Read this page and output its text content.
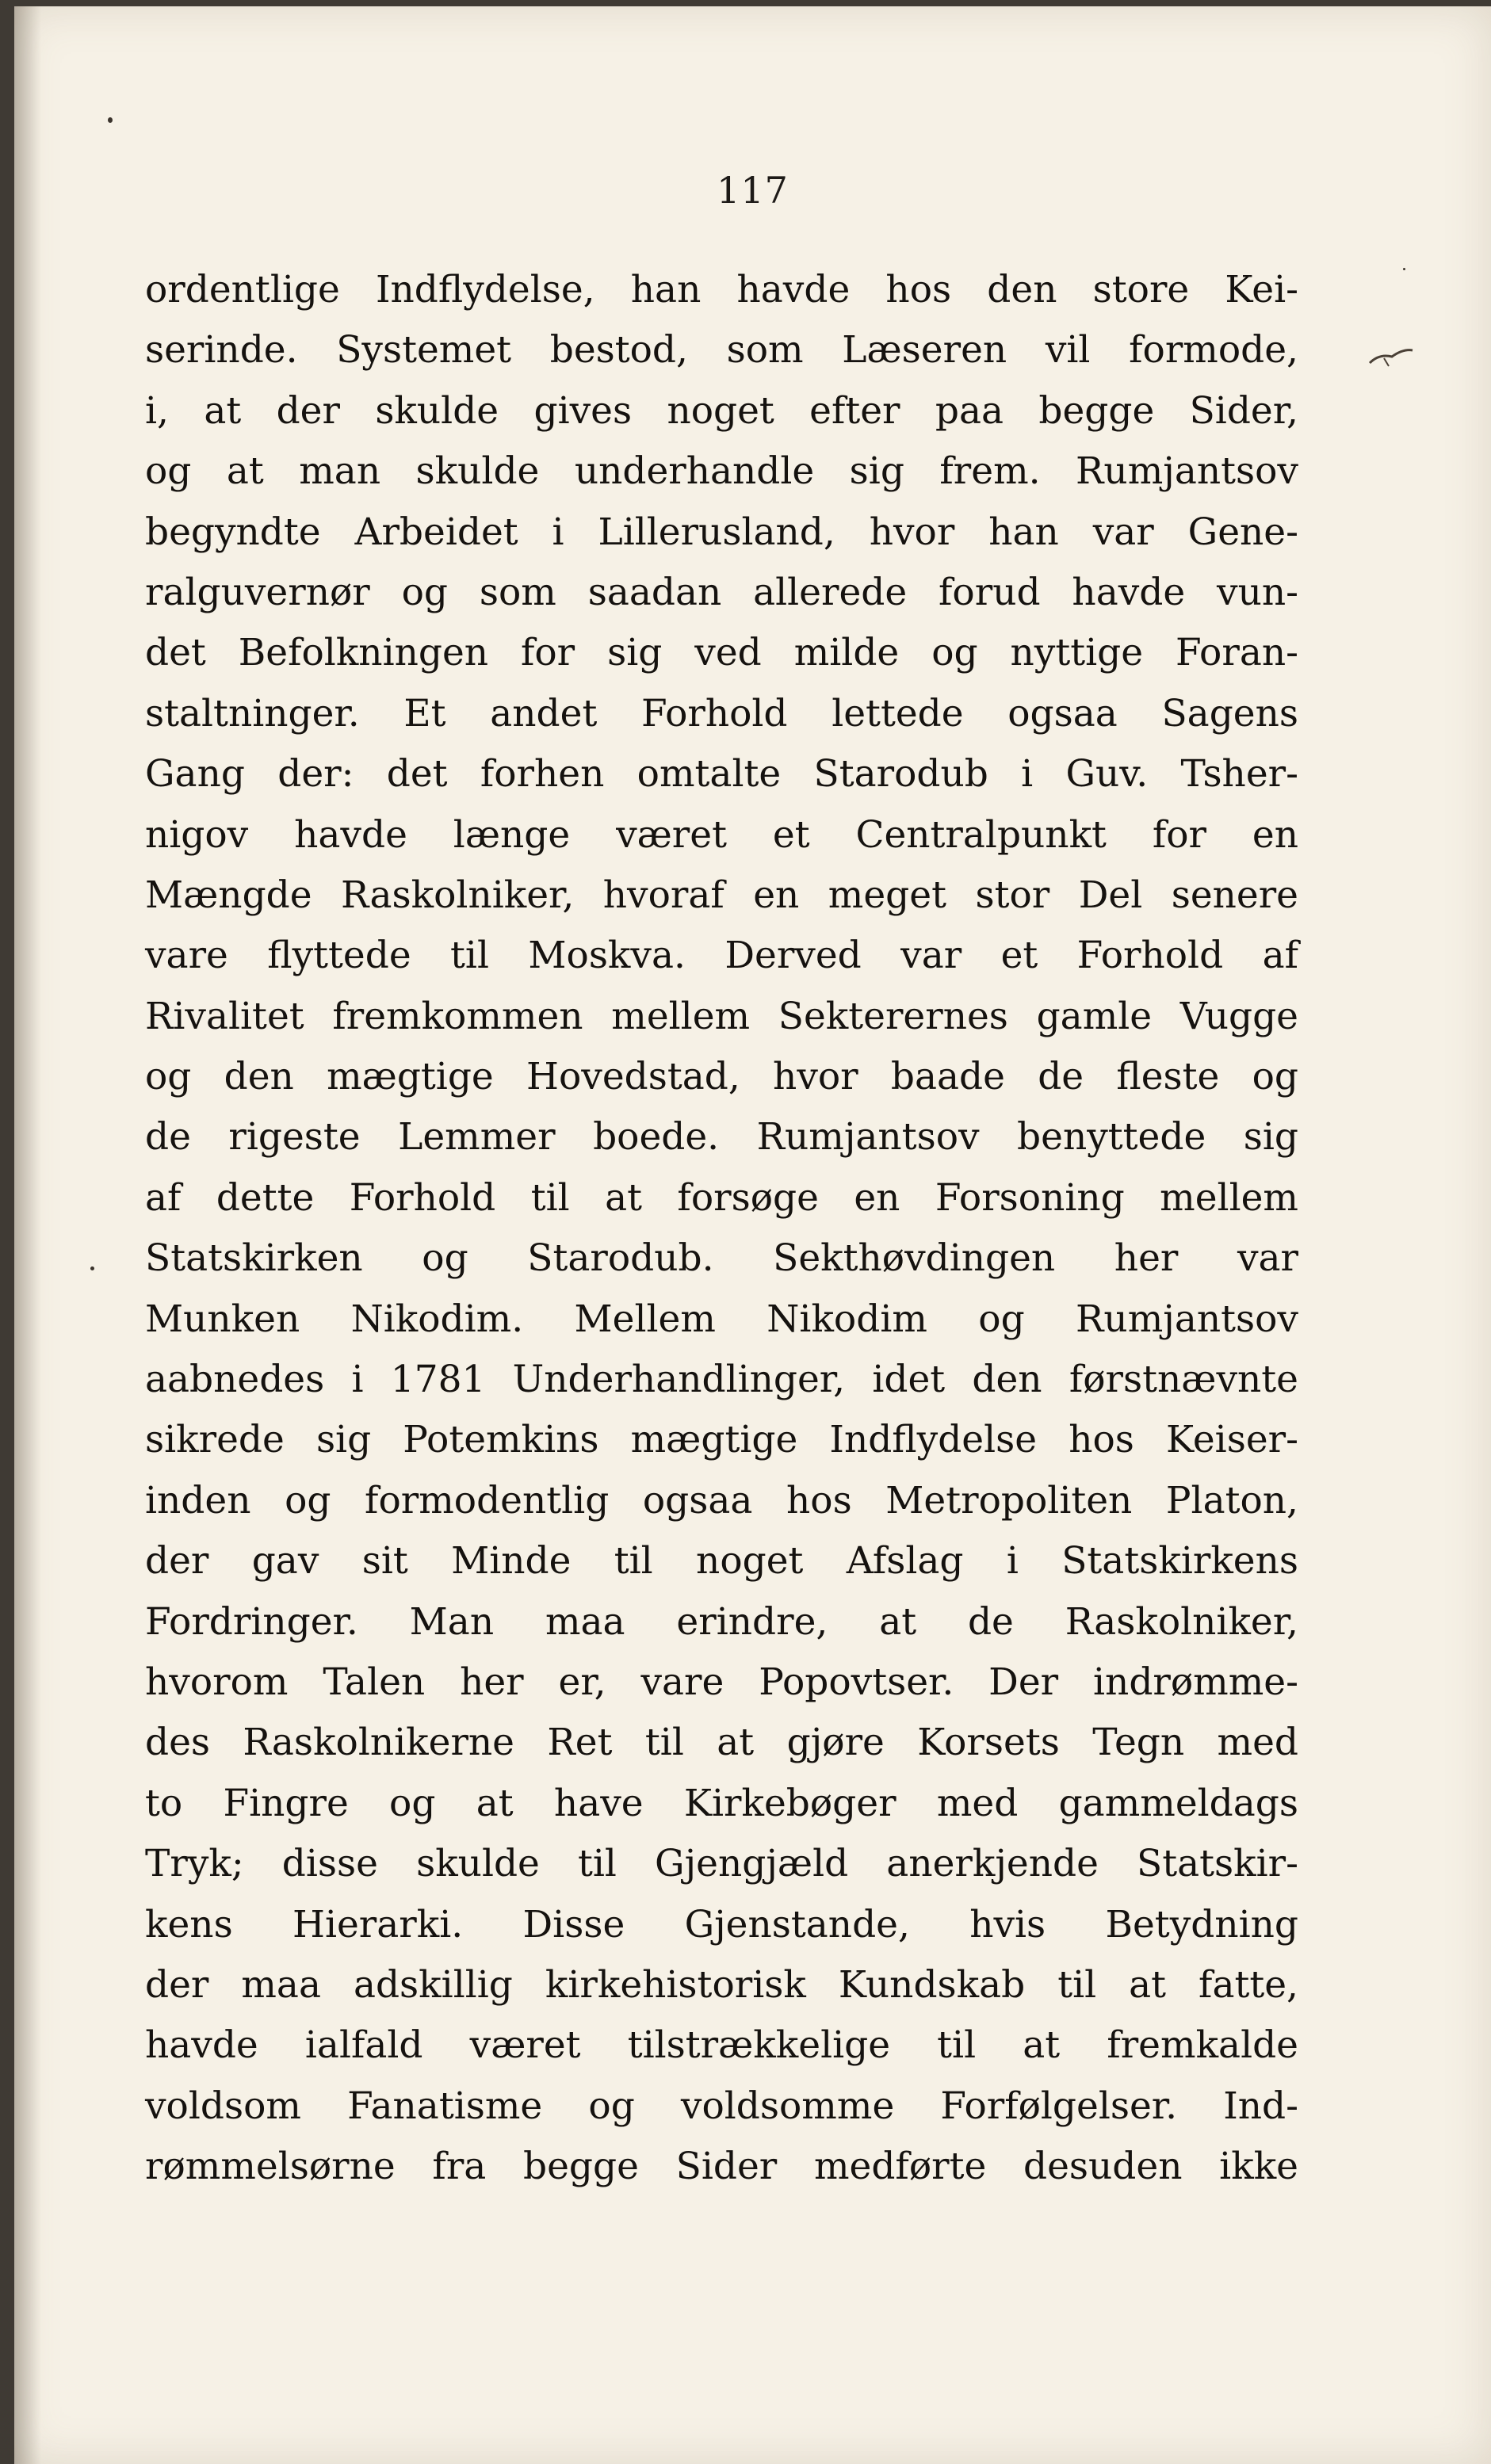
117
ordentlige Indflydelse, han havde hos den store Kei-
serinde. Systemet bestod, som Læseren vil formode,
i, at der skulde gives noget efter paa begge Sider,
og at man skulde underhandle sig frem. Rumjantsov
begyndte Arbeidet i Lillerusland, hvor han var Gene-
ralguvernør og som saadan allerede forud havde vun-
det Befolkningen for sig ved milde og nyttige Foran-
staltninger. Et andet Forhold lettede ogsaa Sagens
Gang der: det forhen omtalte Starodub i Guv. Tsher-
nigov havde længe været et Centralpunkt for en
Mængde Raskolniker, hvoraf en meget stor Del senere
vare flyttede til Moskva. Derved var et Forhold af
Rivalitet fremkommen mellem Sekterernes gamle Vugge
og den mægtige Hovedstad, hvor baade de fleste og
de rigeste Lemmer boede. Rumjantsov benyttede sig
af dette Forhold til at forsøge en Forsoning mellem
Statskirken og Starodub. Sekthøvdingen her var
Munken Nikodim. Mellem Nikodim og Rumjantsov
aabnedes i 1781 Underhandlinger, idet den førstnævnte
sikrede sig Potemkins mægtige Indflydelse hos Keiser-
inden og formodentlig ogsaa hos Metropoliten Platon,
der gav sit Minde til noget Afslag i Statskirkens
Fordringer. Man maa erindre, at de Raskolniker,
hvorom Talen her er, vare Popovtser. Der indrømme-
des Raskolnikerne Ret til at gjøre Korsets Tegn med
to Fingre og at have Kirkebøger med gammeldags
Tryk; disse skulde til Gjengjæld anerkjende Statskir-
kens Hierarki. Disse Gjenstande, hvis Betydning
der maa adskillig kirkehistorisk Kundskab til at fatte,
havde ialfald været tilstrækkelige til at fremkalde
voldsom Fanatisme og voldsomme Forfølgelser. Ind-
rømmelsørne fra begge Sider medførte desuden ikke
